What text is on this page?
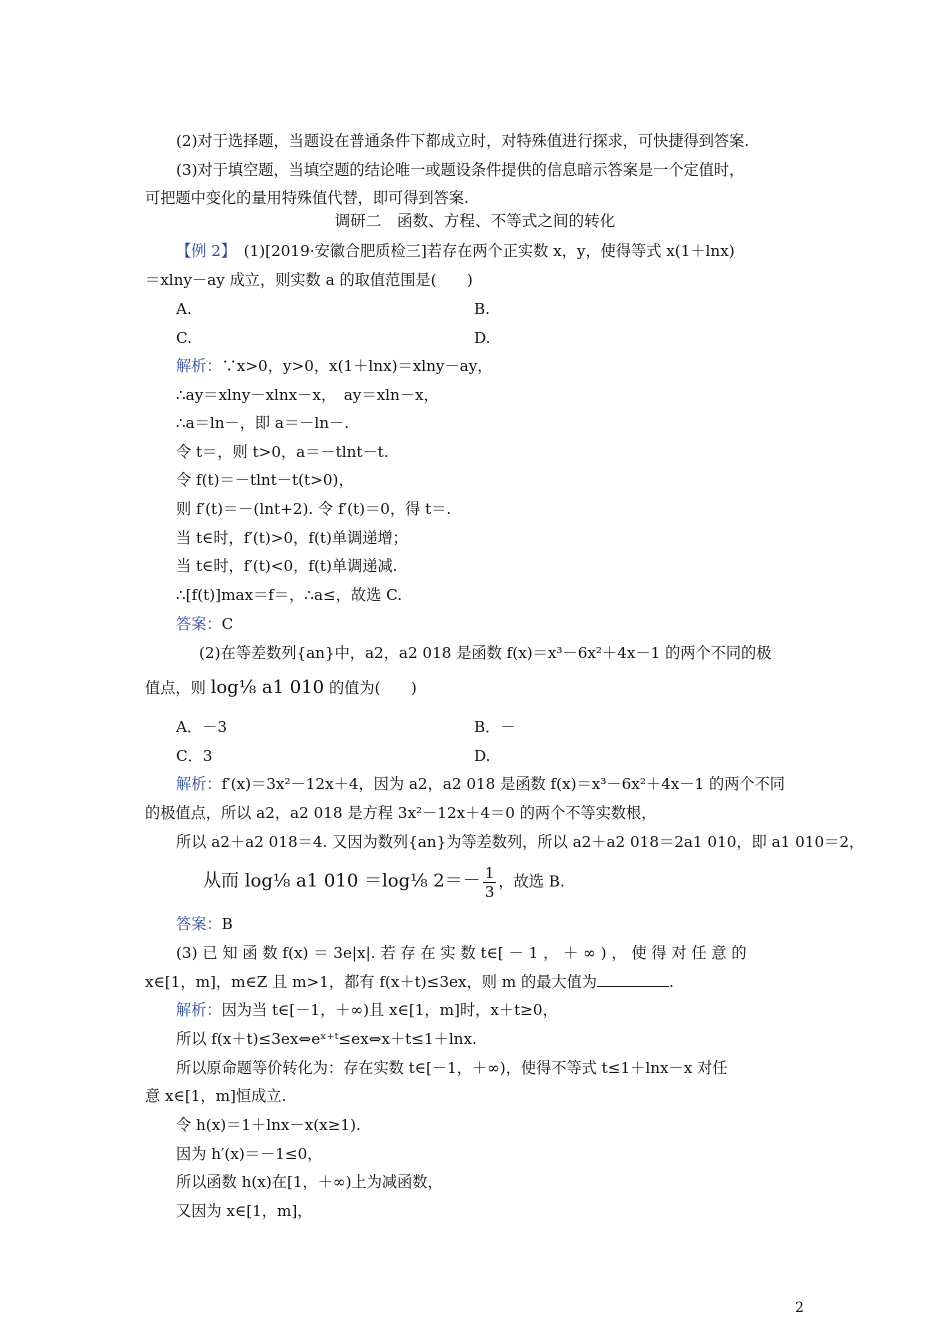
(2)对于选择题，当题设在普通条件下都成立时，对特殊值进行探求，可快捷得到答案.
(3)对于填空题，当填空题的结论唯一或题设条件提供的信息暗示答案是一个定值时，
可把题中变化的量用特殊值代替，即可得到答案.
调研二　函数、方程、不等式之间的转化
【例 2】　(1)[2019·安徽合肥质检三]若存在两个正实数 x，y，使得等式 x(1＋lnx)
＝xlny－ay 成立，则实数 a 的取值范围是(　　)
A.	B.
C.	D.
解析：∵x>0，y>0，x(1＋lnx)＝xlny－ay，
∴ay＝xlny－xlnx－x，　ay＝xln－x，
∴a＝ln－，即 a＝－ln－.
令 t＝，则 t>0，a＝－tlnt－t.
令 f(t)＝－tlnt－t(t>0)，
则 f′(t)＝－(lnt+2). 令 f′(t)＝0，得 t＝.
当 t∈时，f′(t)>0，f(t)单调递增；
当 t∈时，f′(t)<0，f(t)单调递减.
∴[f(t)]max＝f＝，∴a≤，故选 C.
答案：C
(2)在等差数列{an}中，a2，a2 018 是函数 f(x)＝x³－6x²＋4x－1 的两个不同的极
值点，则 log⅛ a1 010 的值为(　　)
A．－3	B．－
C．3	D.
解析：f′(x)＝3x²－12x＋4，因为 a2，a2 018 是函数 f(x)＝x³－6x²＋4x－1 的两个不同
的极值点，所以 a2，a2 018 是方程 3x²－12x＋4＝0 的两个不等实数根，
所以 a2＋a2 018＝4. 又因为数列{an}为等差数列，所以 a2＋a2 018＝2a1 010，即 a1 010＝2，
从而 log⅛ a1 010 ＝log⅛ $2=- \frac{1}{3}$ ，故选 B.
答案：B
(3) 已 知 函 数 f(x) ＝ 3e|x|. 若 存 在 实 数 t∈[ － 1 ， ＋ ∞ ) ， 使 得 对 任 意 的
x∈[1，m]，m∈Z 且 m>1，都有 f(x＋t)≤3ex，则 m 的最大值为	.
解析：因为当 t∈[－1，＋∞)且 x∈[1，m]时，x＋t≥0，
所以 f(x＋t)≤3ex⇔eˣ⁺ᵗ≤ex⇔x＋t≤1＋lnx.
所以原命题等价转化为：存在实数 t∈[－1，＋∞)，使得不等式 t≤1＋lnx－x 对任
意 x∈[1，m]恒成立.
令 h(x)＝1＋lnx－x(x≥1).
因为 h′(x)＝－1≤0，
所以函数 h(x)在[1，＋∞)上为减函数，
又因为 x∈[1，m]，
2
